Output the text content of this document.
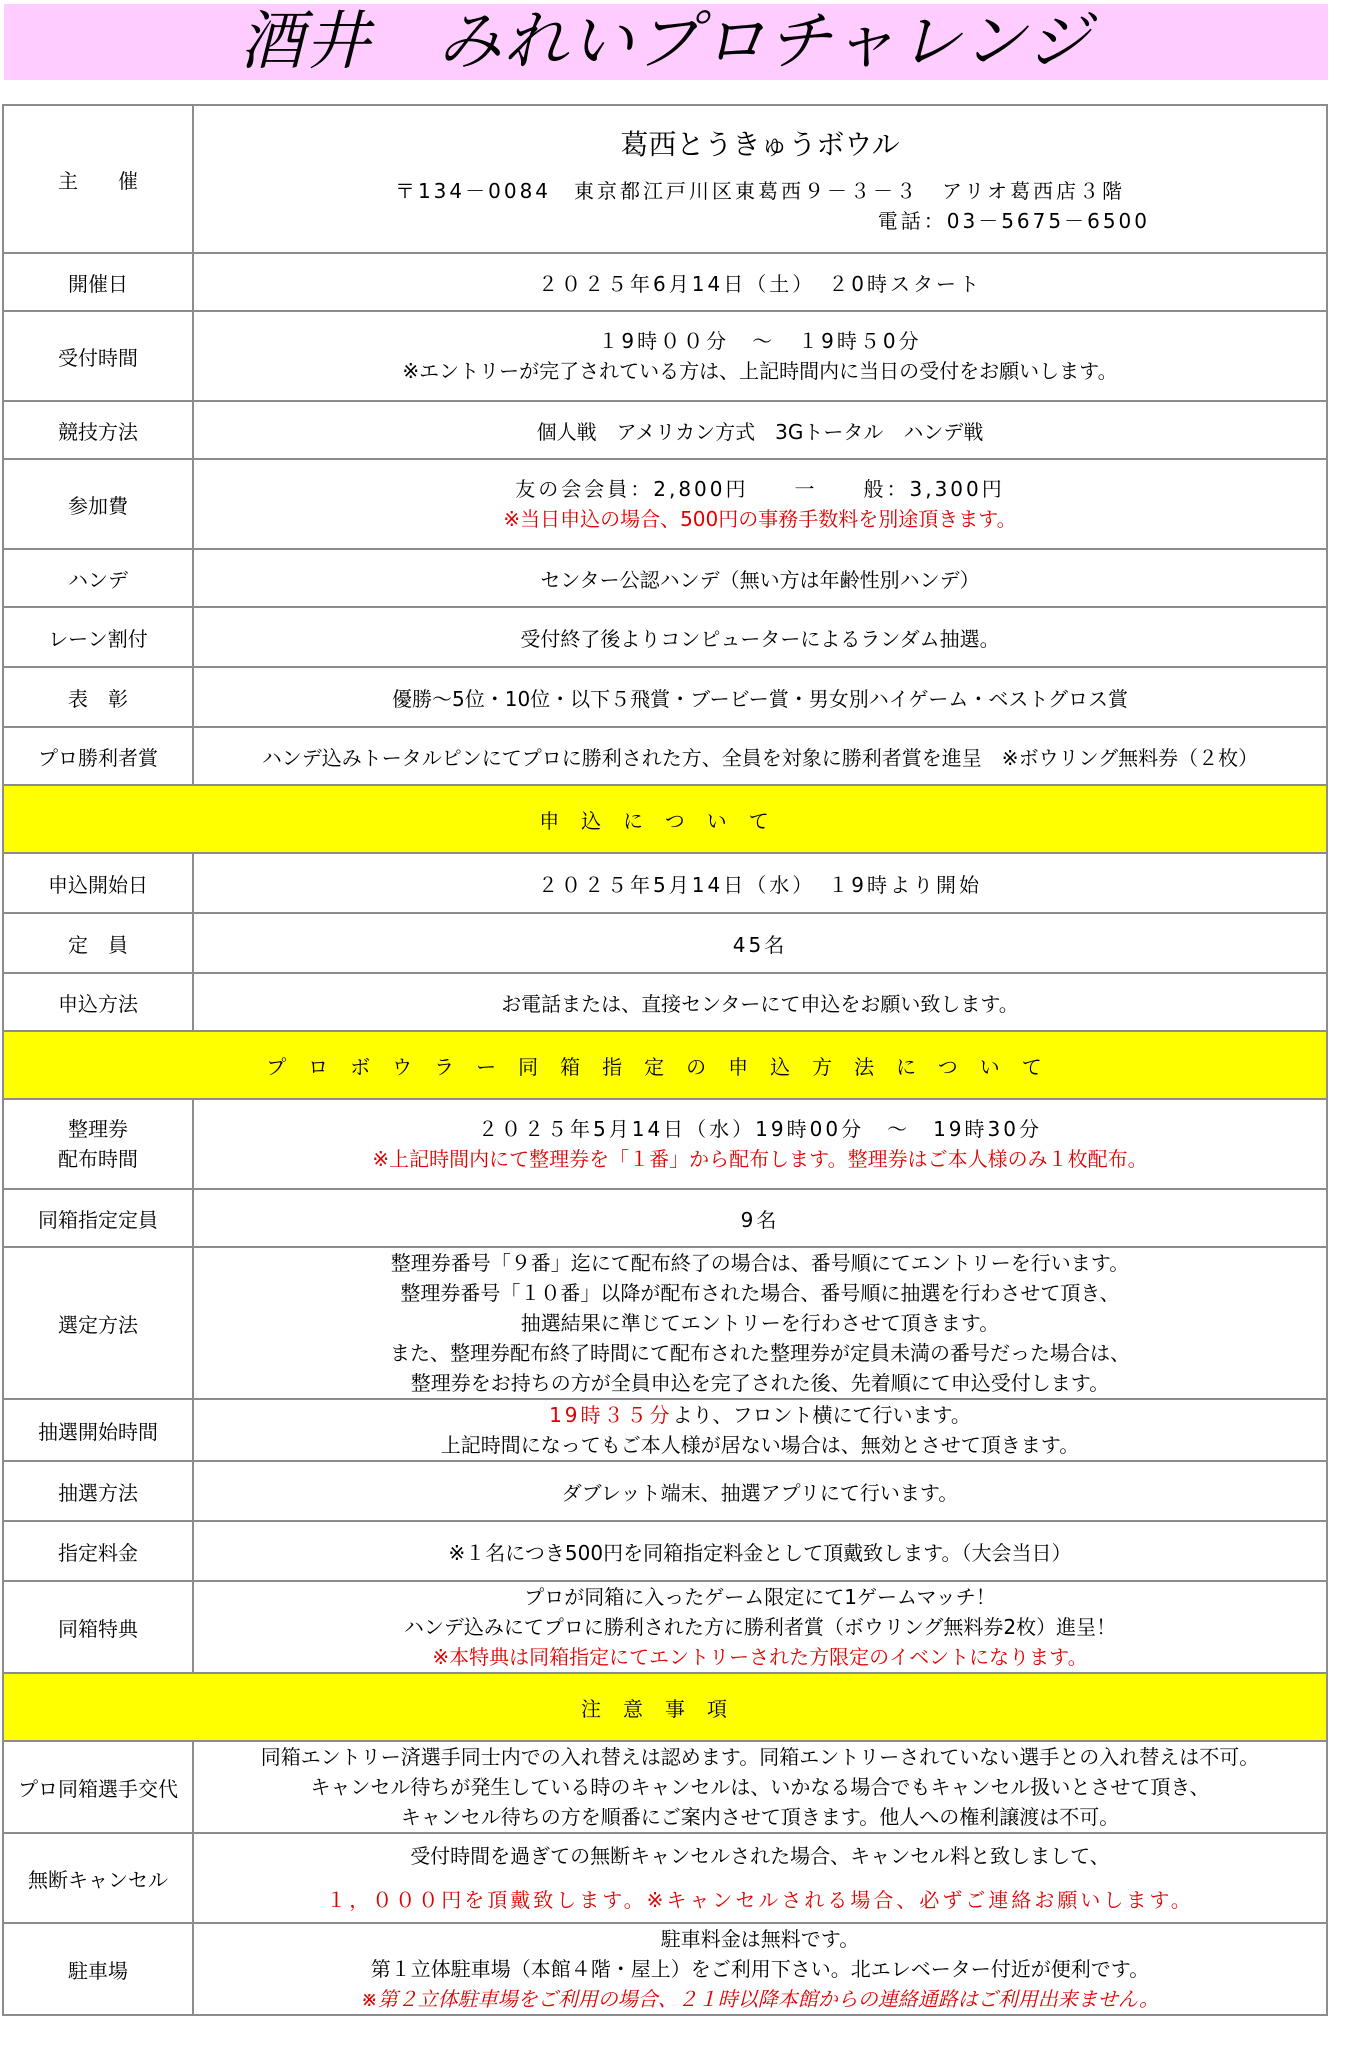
酒井　みれいプロチャレンジ
主　　催	葛西とうきゅうボウル
〒134－0084　東京都江戸川区東葛西９－３－３　アリオ葛西店３階
電話：03－5675－6500

開催日	２０２５年6月14日（土）　２0時スタート
受付時間	１9時００分　～　１9時５0分
※エントリーが完了されている方は、上記時間内に当日の受付をお願いします。

競技方法	個人戦　アメリカン方式　3Gトータル　ハンデ戦
参加費	友の会会員：2,800円　　一　　般：3,300円
※当日申込の場合、500円の事務手数料を別途頂きます。

ハンデ	センター公認ハンデ（無い方は年齢性別ハンデ）
レーン割付	受付終了後よりコンピューターによるランダム抽選。
表　彰	優勝～5位・10位・以下５飛賞・ブービー賞・男女別ハイゲーム・ベストグロス賞
プロ勝利者賞	ハンデ込みトータルピンにてプロに勝利された方、全員を対象に勝利者賞を進呈　※ボウリング無料券（２枚）
申込について	
申込開始日	２０２５年5月14日（水）　１9時より開始
定　員	45名
申込方法	お電話または、直接センターにて申込をお願い致します。
プロボウラー同箱指定の申込方法について	

整理券
配布時間	２０２５年5月14日（水）19時00分　～　19時30分
※上記時間内にて整理券を「１番」から配布します。整理券はご本人様のみ１枚配布。

同箱指定定員	9名
選定方法	整理券番号「９番」迄にて配布終了の場合は、番号順にてエントリーを行います。
整理券番号「１０番」以降が配布された場合、番号順に抽選を行わさせて頂き、
抽選結果に準じてエントリーを行わさせて頂きます。
また、整理券配布終了時間にて配布された整理券が定員未満の番号だった場合は、
整理券をお持ちの方が全員申込を完了された後、先着順にて申込受付します。

抽選開始時間	19時３５分より、フロント横にて行います。
上記時間になってもご本人様が居ない場合は、無効とさせて頂きます。

抽選方法	ダブレット端末、抽選アプリにて行います。
指定料金	※１名につき500円を同箱指定料金として頂戴致します。（大会当日）
同箱特典	プロが同箱に入ったゲーム限定にて1ゲームマッチ！
ハンデ込みにてプロに勝利された方に勝利者賞（ボウリング無料券2枚）進呈！
※本特典は同箱指定にてエントリーされた方限定のイベントになります。

注意事項	
プロ同箱選手交代	同箱エントリー済選手同士内での入れ替えは認めます。同箱エントリーされていない選手との入れ替えは不可。
キャンセル待ちが発生している時のキャンセルは、いかなる場合でもキャンセル扱いとさせて頂き、
キャンセル待ちの方を順番にご案内させて頂きます。他人への権利譲渡は不可。

無断キャンセル	受付時間を過ぎての無断キャンセルされた場合、キャンセル料と致しまして、
１，０００円を頂戴致します。※キャンセルされる場合、必ずご連絡お願いします。

駐車場	駐車料金は無料です。
第１立体駐車場（本館４階・屋上）をご利用下さい。北エレベーター付近が便利です。
※第２立体駐車場をご利用の場合、２１時以降本館からの連絡通路はご利用出来ません。
